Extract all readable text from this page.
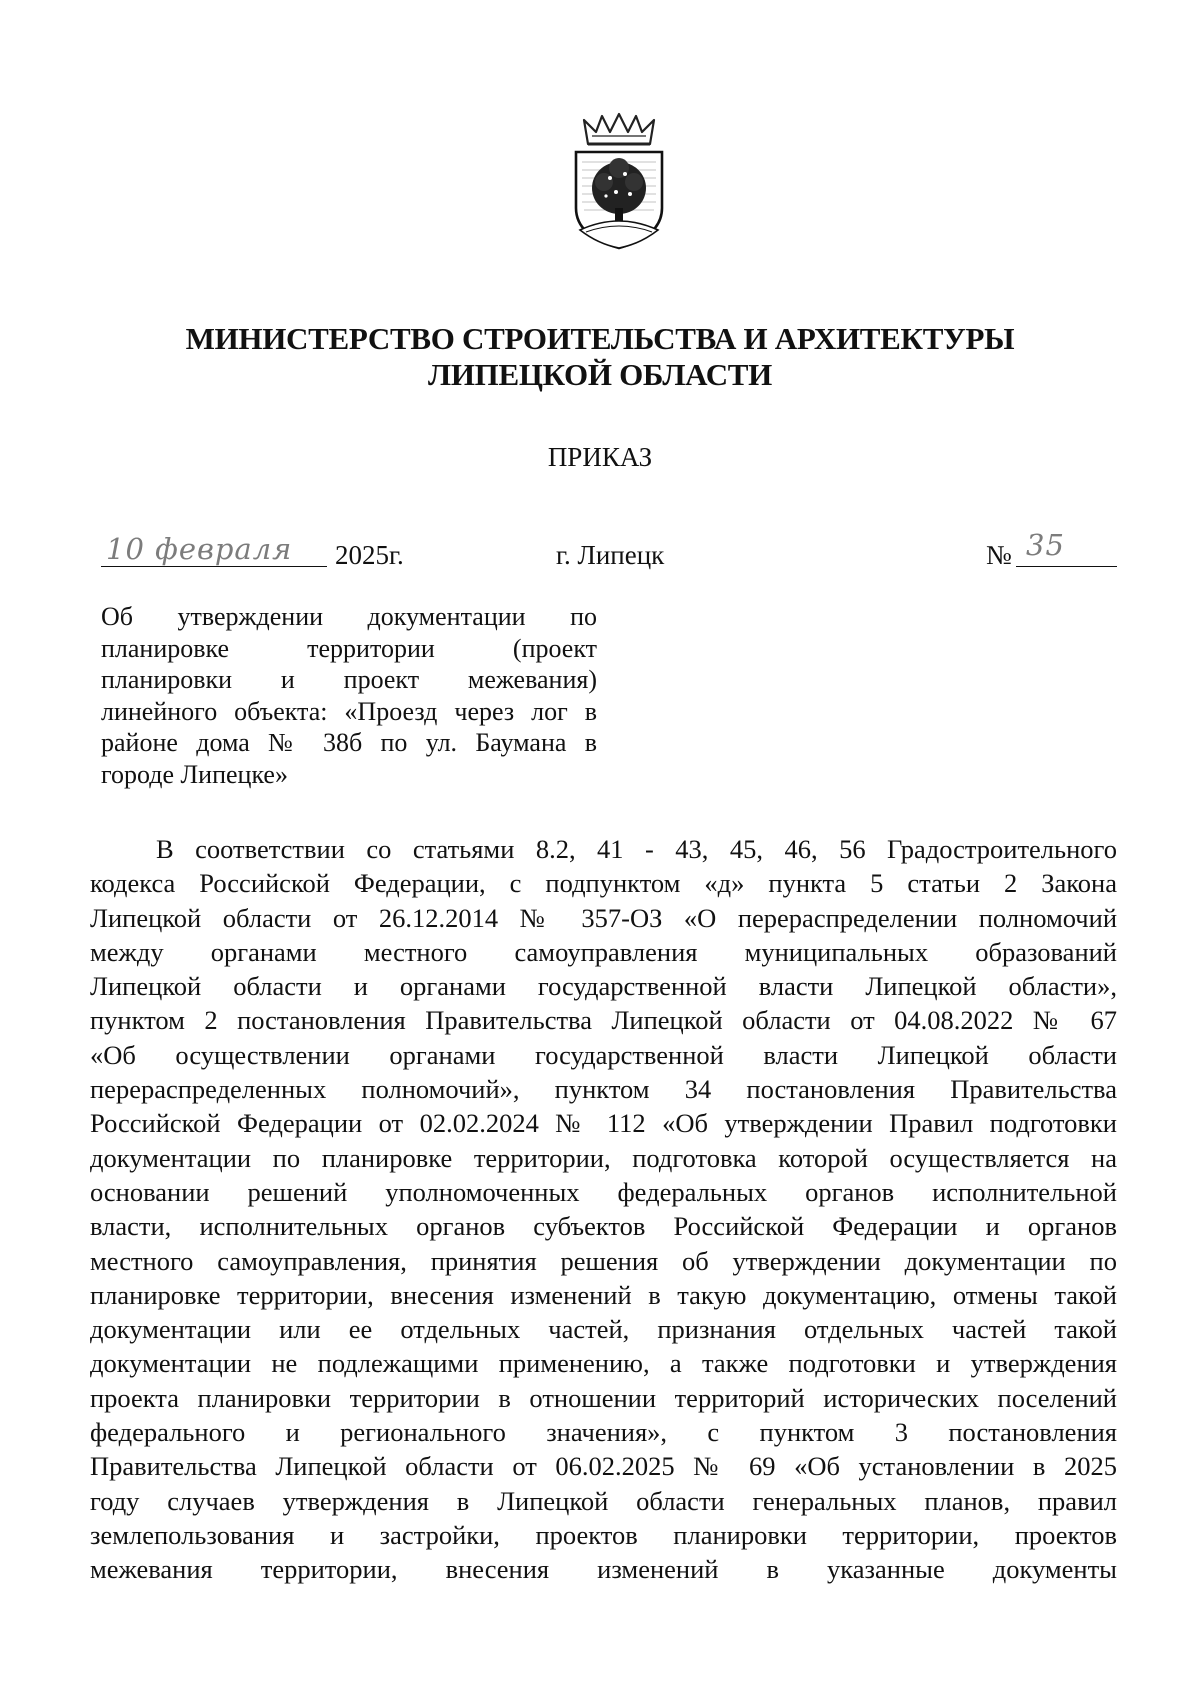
МИНИСТЕРСТВО СТРОИТЕЛЬСТВА И АРХИТЕКТУРЫ
ЛИПЕЦКОЙ ОБЛАСТИ
ПРИКАЗ
10 февраля 2025г.	г. Липецк	№ 35
Об утверждении документации по
планировке территории (проект
планировки и проект межевания)
линейного объекта: «Проезд через лог в
районе дома № 38б по ул. Баумана в
городе Липецке»
В соответствии со статьями 8.2, 41 - 43, 45, 46, 56 Градостроительного
кодекса Российской Федерации, с подпунктом «д» пункта 5 статьи 2 Закона
Липецкой области от 26.12.2014 № 357-ОЗ «О перераспределении полномочий
между органами местного самоуправления муниципальных образований
Липецкой области и органами государственной власти Липецкой области»,
пунктом 2 постановления Правительства Липецкой области от 04.08.2022 № 67
«Об осуществлении органами государственной власти Липецкой области
перераспределенных полномочий», пунктом 34 постановления Правительства
Российской Федерации от 02.02.2024 № 112 «Об утверждении Правил подготовки
документации по планировке территории, подготовка которой осуществляется на
основании решений уполномоченных федеральных органов исполнительной
власти, исполнительных органов субъектов Российской Федерации и органов
местного самоуправления, принятия решения об утверждении документации по
планировке территории, внесения изменений в такую документацию, отмены такой
документации или ее отдельных частей, признания отдельных частей такой
документации не подлежащими применению, а также подготовки и утверждения
проекта планировки территории в отношении территорий исторических поселений
федерального и регионального значения», с пунктом 3 постановления
Правительства Липецкой области от 06.02.2025 № 69 «Об установлении в 2025
году случаев утверждения в Липецкой области генеральных планов, правил
землепользования и застройки, проектов планировки территории, проектов
межевания территории, внесения изменений в указанные документы
